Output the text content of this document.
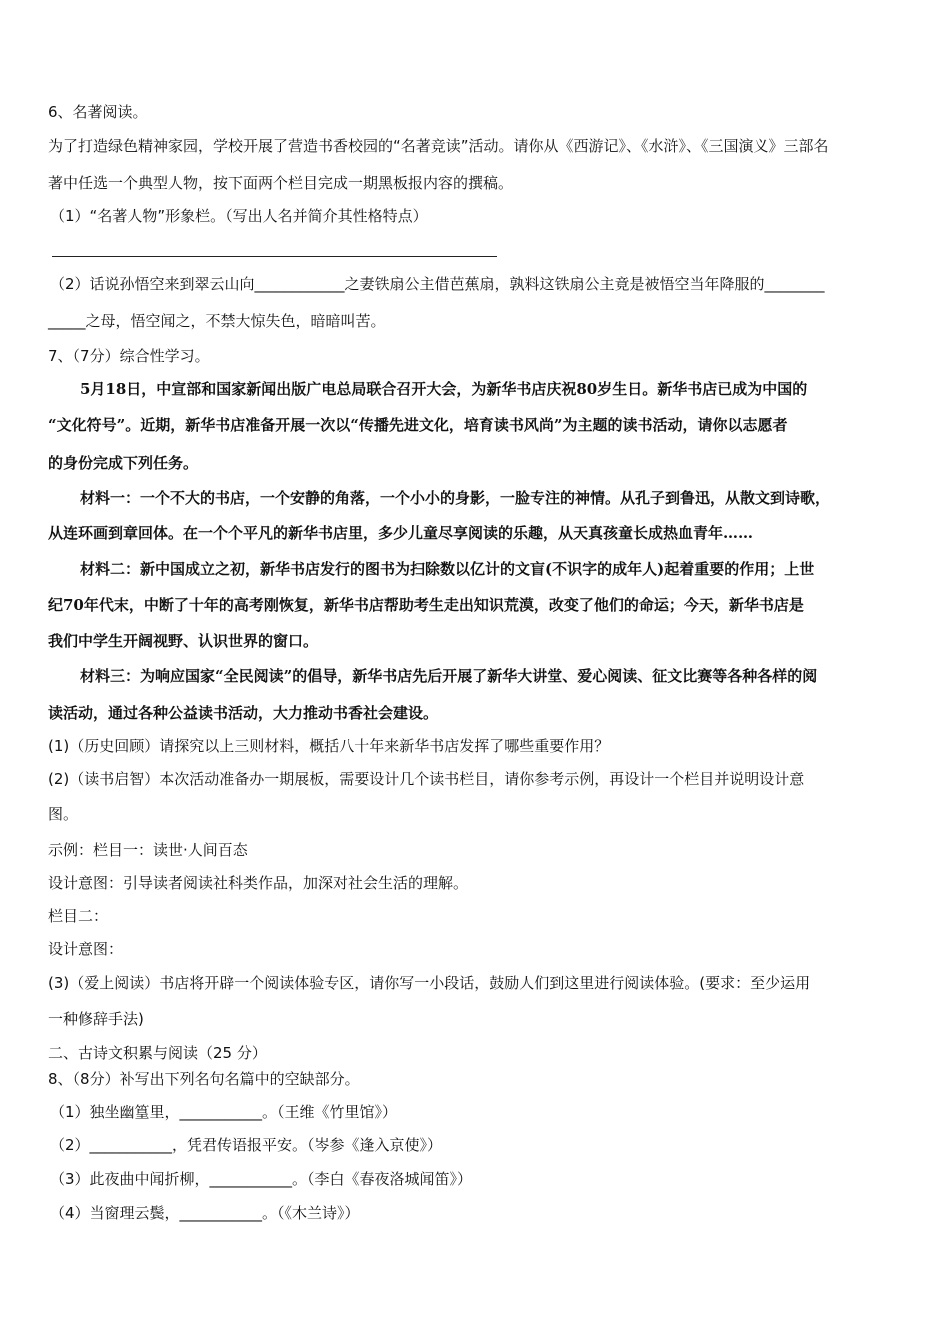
6、名著阅读。
为了打造绿色精神家园，学校开展了营造书香校园的“名著竞读”活动。请你从《西游记》、《水浒》、《三国演义》三部名
著中任选一个典型人物，按下面两个栏目完成一期黑板报内容的撰稿。
（1）“名著人物”形象栏。（写出人名并简介其性格特点）
（2）话说孙悟空来到翠云山向____________之妻铁扇公主借芭蕉扇，孰料这铁扇公主竟是被悟空当年降服的________
_____之母，悟空闻之，不禁大惊失色，暗暗叫苦。
7、（7分）综合性学习。
5月18日，中宣部和国家新闻出版广电总局联合召开大会，为新华书店庆祝80岁生日。新华书店已成为中国的
“文化符号”。近期，新华书店准备开展一次以“传播先进文化，培育读书风尚”为主题的读书活动，请你以志愿者
的身份完成下列任务。
材料一：一个不大的书店，一个安静的角落，一个小小的身影，一脸专注的神情。从孔子到鲁迅，从散文到诗歌，
从连环画到章回体。在一个个平凡的新华书店里，多少儿童尽享阅读的乐趣，从天真孩童长成热血青年……
材料二：新中国成立之初，新华书店发行的图书为扫除数以亿计的文盲(不识字的成年人)起着重要的作用；上世
纪70年代末，中断了十年的高考刚恢复，新华书店帮助考生走出知识荒漠，改变了他们的命运；今天，新华书店是
我们中学生开阔视野、认识世界的窗口。
材料三：为响应国家“全民阅读”的倡导，新华书店先后开展了新华大讲堂、爱心阅读、征文比赛等各种各样的阅
读活动，通过各种公益读书活动，大力推动书香社会建设。
(1)（历史回顾）请探究以上三则材料，概括八十年来新华书店发挥了哪些重要作用？
(2)（读书启智）本次活动准备办一期展板，需要设计几个读书栏目，请你参考示例，再设计一个栏目并说明设计意
图。
示例：栏目一：读世·人间百态
设计意图：引导读者阅读社科类作品，加深对社会生活的理解。
栏目二：
设计意图：
(3)（爱上阅读）书店将开辟一个阅读体验专区，请你写一小段话，鼓励人们到这里进行阅读体验。(要求：至少运用
一种修辞手法)
二、古诗文积累与阅读（25 分）
8、（8分）补写出下列名句名篇中的空缺部分。
（1）独坐幽篁里，___________。（王维《竹里馆》）
（2）___________，凭君传语报平安。（岑参《逢入京使》）
（3）此夜曲中闻折柳，___________。（李白《春夜洛城闻笛》）
（4）当窗理云鬓，___________。（《木兰诗》）
